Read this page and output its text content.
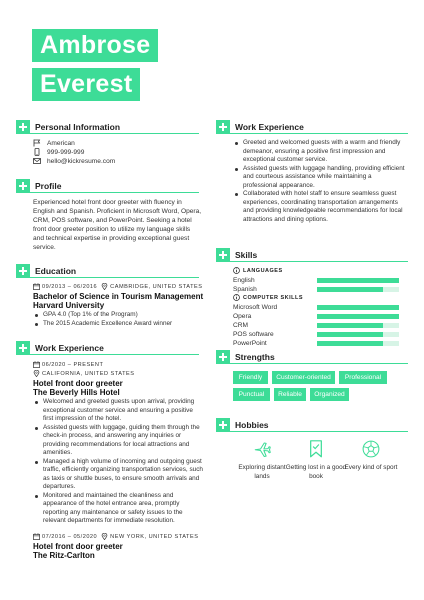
Ambrose
Everest
Personal Information
American
999-999-999
hello@kickresume.com
Profile
Experienced hotel front door greeter with fluency in English and Spanish. Proficient in Microsoft Word, Opera, CRM, POS software, and PowerPoint. Seeking a hotel front door greeter position to utilize my language skills and technical expertise in providing exceptional guest service.
Education
09/2013 – 06/2016 CAMBRIDGE, UNITED STATES
Bachelor of Science in Tourism Management
Harvard University
GPA 4.0 (Top 1% of the Program)
The 2015 Academic Excellence Award winner
Work Experience
06/2020 – PRESENT
CALIFORNIA, UNITED STATES
Hotel front door greeter
The Beverly Hills Hotel
Welcomed and greeted guests upon arrival, providing exceptional customer service and ensuring a positive first impression of the hotel.
Assisted guests with luggage, guiding them through the check-in process, and answering any inquiries or providing recommendations for local attractions and amenities.
Managed a high volume of incoming and outgoing guest traffic, efficiently organizing transportation services, such as taxis or shuttle buses, to ensure smooth arrivals and departures.
Monitored and maintained the cleanliness and appearance of the hotel entrance area, promptly reporting any maintenance or safety issues to the relevant departments for immediate resolution.
07/2016 – 05/2020 NEW YORK, UNITED STATES
Hotel front door greeter
The Ritz-Carlton
Work Experience
Greeted and welcomed guests with a warm and friendly demeanor, ensuring a positive first impression and exceptional customer service.
Assisted guests with luggage handling, providing efficient and courteous assistance while maintaining a professional appearance.
Collaborated with hotel staff to ensure seamless guest experiences, coordinating transportation arrangements and providing knowledgeable recommendations for local attractions and dining options.
Skills
LANGUAGES
English
Spanish
COMPUTER SKILLS
Microsoft Word
Opera
CRM
POS software
PowerPoint
Strengths
Friendly	Customer-oriented	Professional
Punctual	Reliable	Organized
Hobbies
Exploring distant lands
Getting lost in a good book
Every kind of sport
